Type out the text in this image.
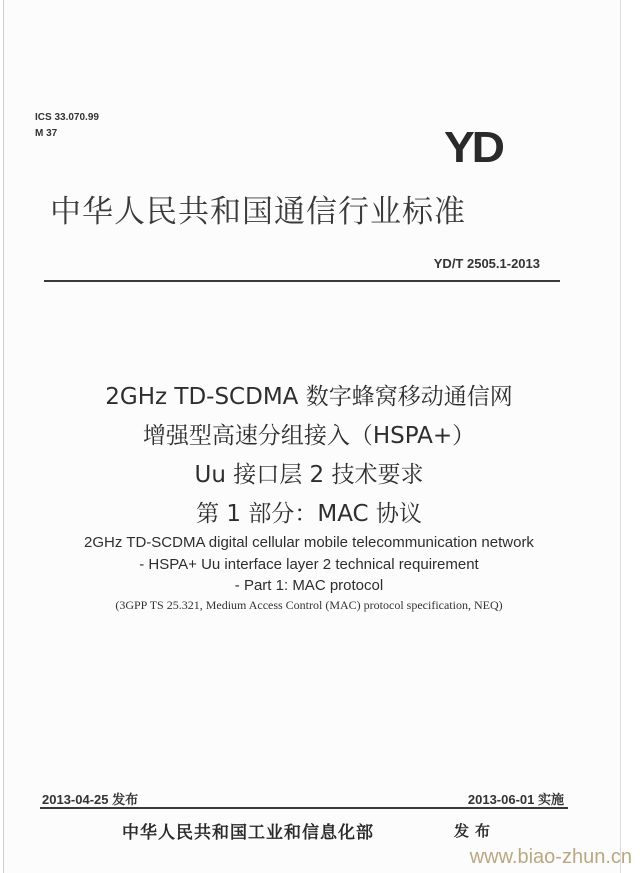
ICS 33.070.99
M 37	YD
中华人民共和国通信行业标准
YD/T 2505.1-2013
2GHz TD-SCDMA 数字蜂窝移动通信网
增强型高速分组接入（HSPA+）
Uu 接口层 2 技术要求
第 1 部分：MAC 协议
2GHz TD-SCDMA digital cellular mobile telecommunication network
- HSPA+ Uu interface layer 2 technical requirement
- Part 1: MAC protocol
(3GPP TS 25.321, Medium Access Control (MAC) protocol specification, NEQ)
2013-04-25 发布	2013-06-01 实施
中华人民共和国工业和信息化部	发布
www.biao-zhun.cn
